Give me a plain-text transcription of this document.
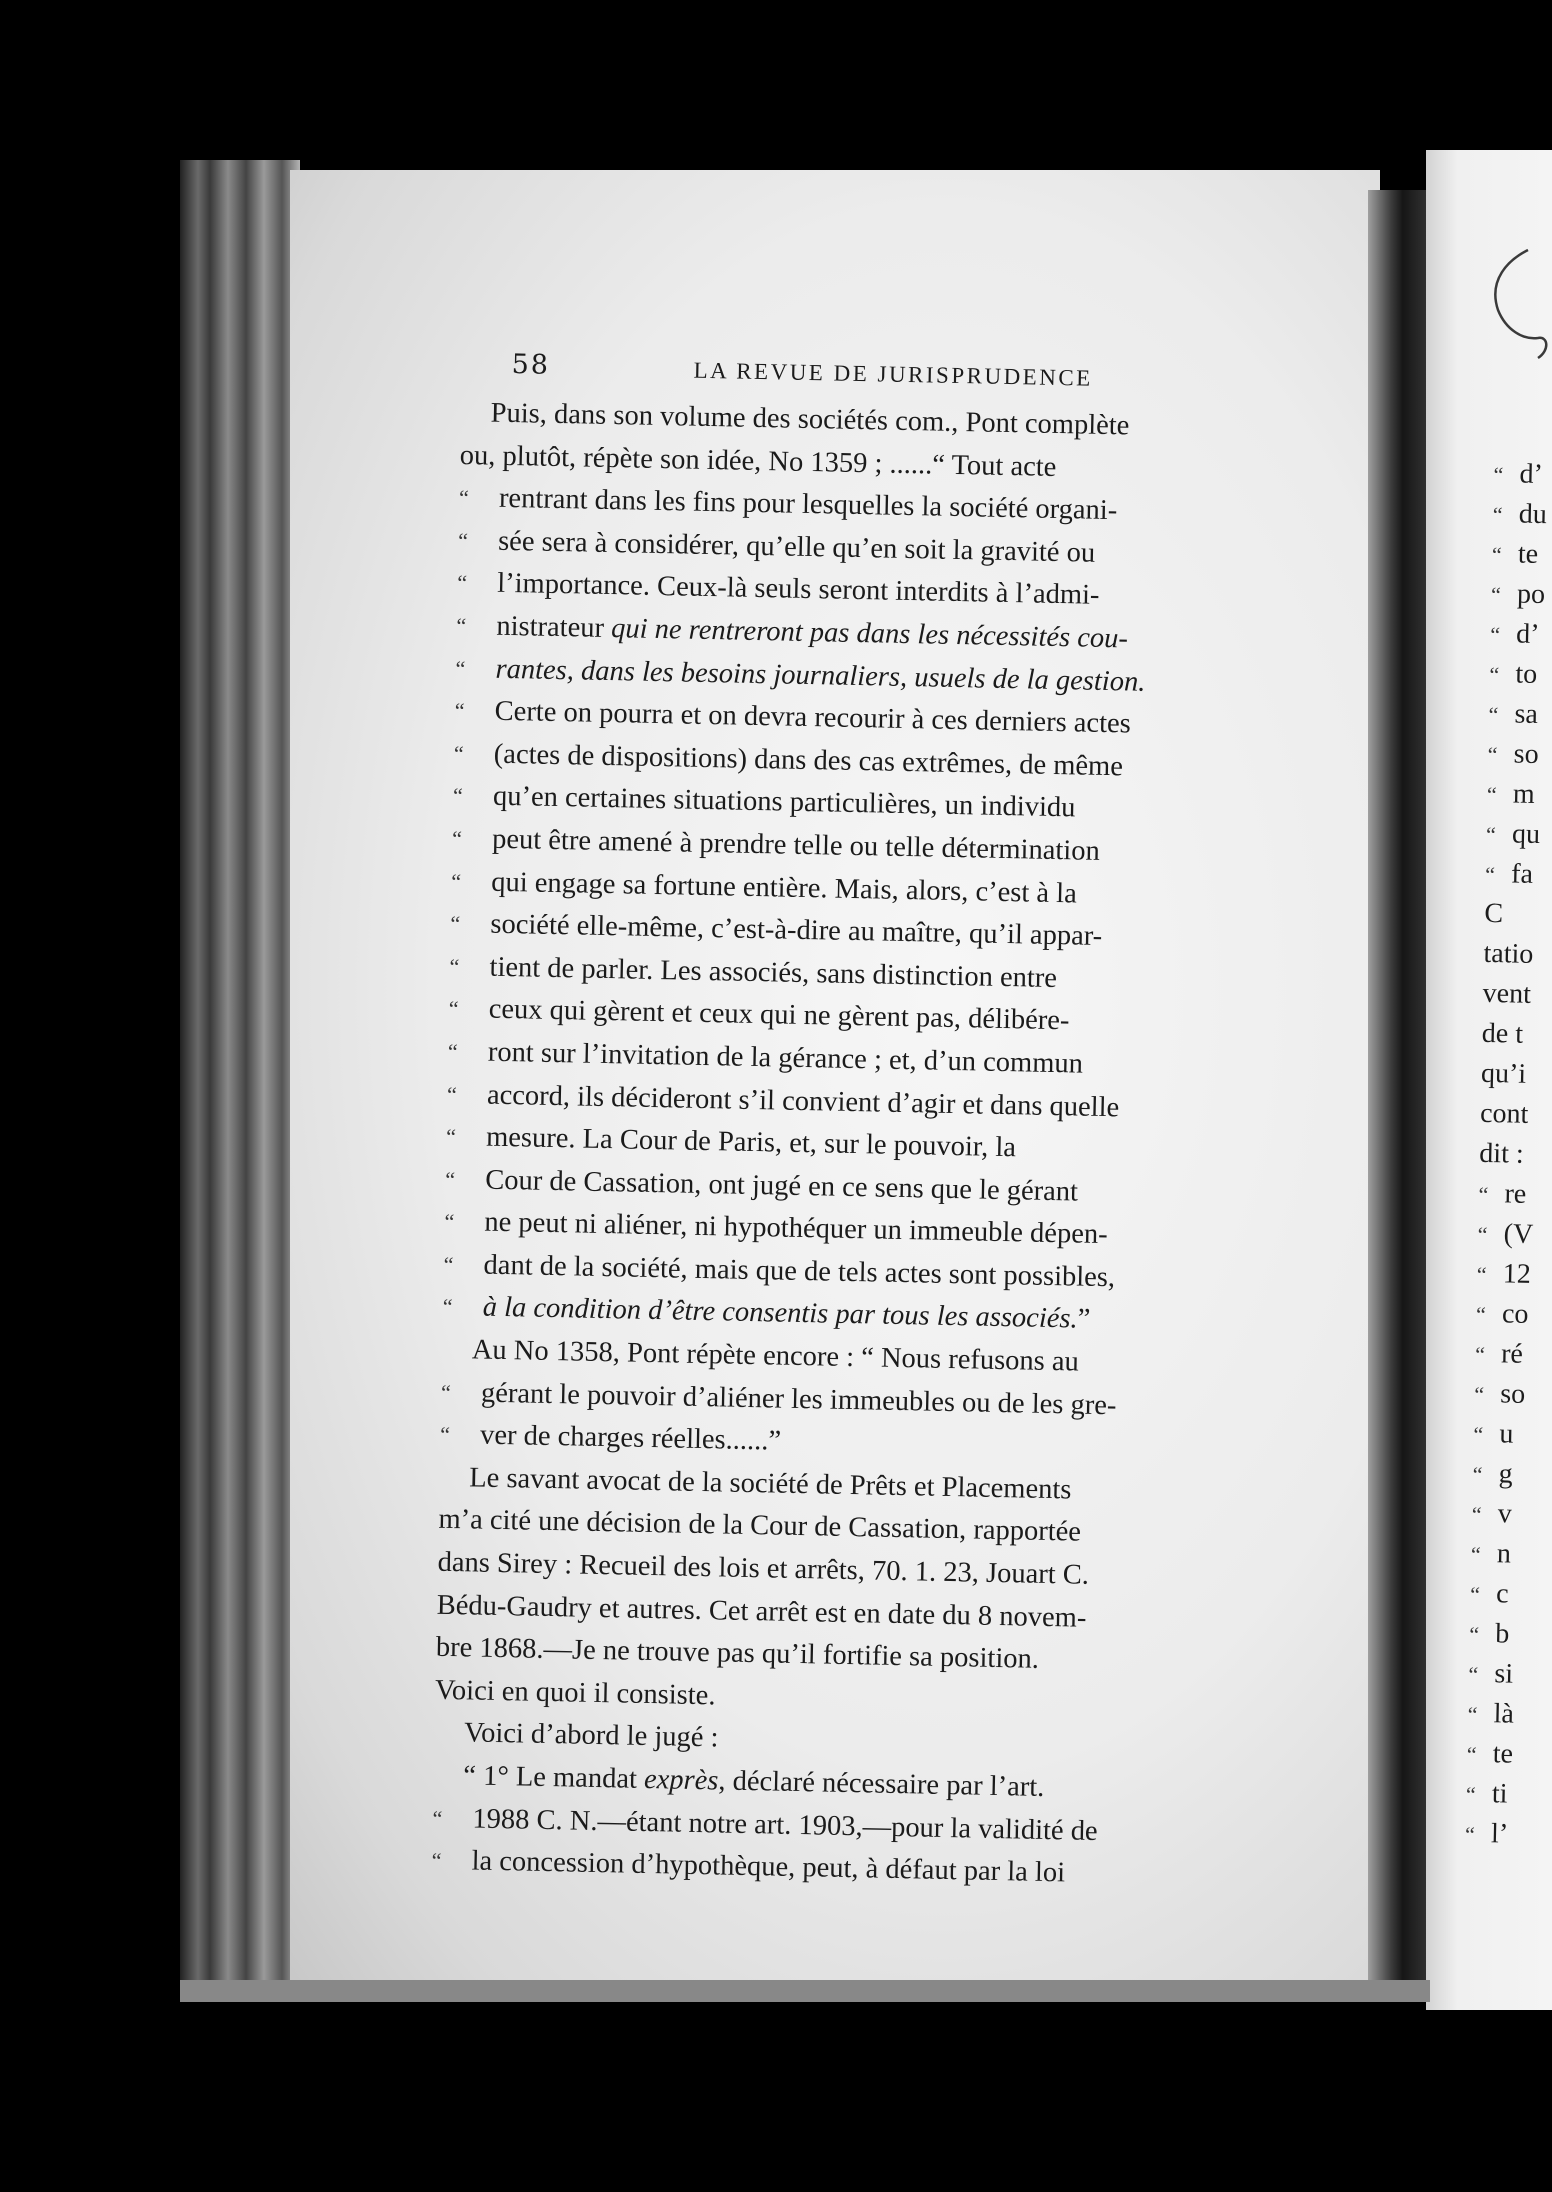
58	LA REVUE DE JURISPRUDENCE
Puis, dans son volume des sociétés com., Pont complète
ou, plutôt, répète son idée, No 1359 ; ......“ Tout acte
“	rentrant dans les fins pour lesquelles la société organi-
“	sée sera à considérer, qu’elle qu’en soit la gravité ou
“	l’importance. Ceux-là seuls seront interdits à l’admi-
“	nistrateur qui ne rentreront pas dans les nécessités cou-
“	rantes, dans les besoins journaliers, usuels de la gestion.
“	Certe on pourra et on devra recourir à ces derniers actes
“	(actes de dispositions) dans des cas extrêmes, de même
“	qu’en certaines situations particulières, un individu
“	peut être amené à prendre telle ou telle détermination
“	qui engage sa fortune entière. Mais, alors, c’est à la
“	société elle-même, c’est-à-dire au maître, qu’il appar-
“	tient de parler. Les associés, sans distinction entre
“	ceux qui gèrent et ceux qui ne gèrent pas, délibére-
“	ront sur l’invitation de la gérance ; et, d’un commun
“	accord, ils décideront s’il convient d’agir et dans quelle
“	mesure. La Cour de Paris, et, sur le pouvoir, la
“	Cour de Cassation, ont jugé en ce sens que le gérant
“	ne peut ni aliéner, ni hypothéquer un immeuble dépen-
“	dant de la société, mais que de tels actes sont possibles,
“	à la condition d’être consentis par tous les associés.”
Au No 1358, Pont répète encore : “ Nous refusons au
“	gérant le pouvoir d’aliéner les immeubles ou de les gre-
“	ver de charges réelles......”
Le savant avocat de la société de Prêts et Placements
m’a cité une décision de la Cour de Cassation, rapportée
dans Sirey : Recueil des lois et arrêts, 70. 1. 23, Jouart C.
Bédu-Gaudry et autres. Cet arrêt est en date du 8 novem-
bre 1868.—Je ne trouve pas qu’il fortifie sa position.
Voici en quoi il consiste.
Voici d’abord le jugé :
“ 1° Le mandat exprès, déclaré nécessaire par l’art.
“	1988 C. N.—étant notre art. 1903,—pour la validité de
“	la concession d’hypothèque, peut, à défaut par la loi
“ d’
“ du
“ te
“ po
“ d’
“ to
“ sa
“ so
“ m
“ qu
“ fa
C
tatio
vent
de t
qu’i
cont
dit :
“ re
“ (V
“ 12
“ co
“ ré
“ so
“ u
“ g
“ v
“ n
“ c
“ b
“ si
“ là
“ te
“ ti
“ l’
